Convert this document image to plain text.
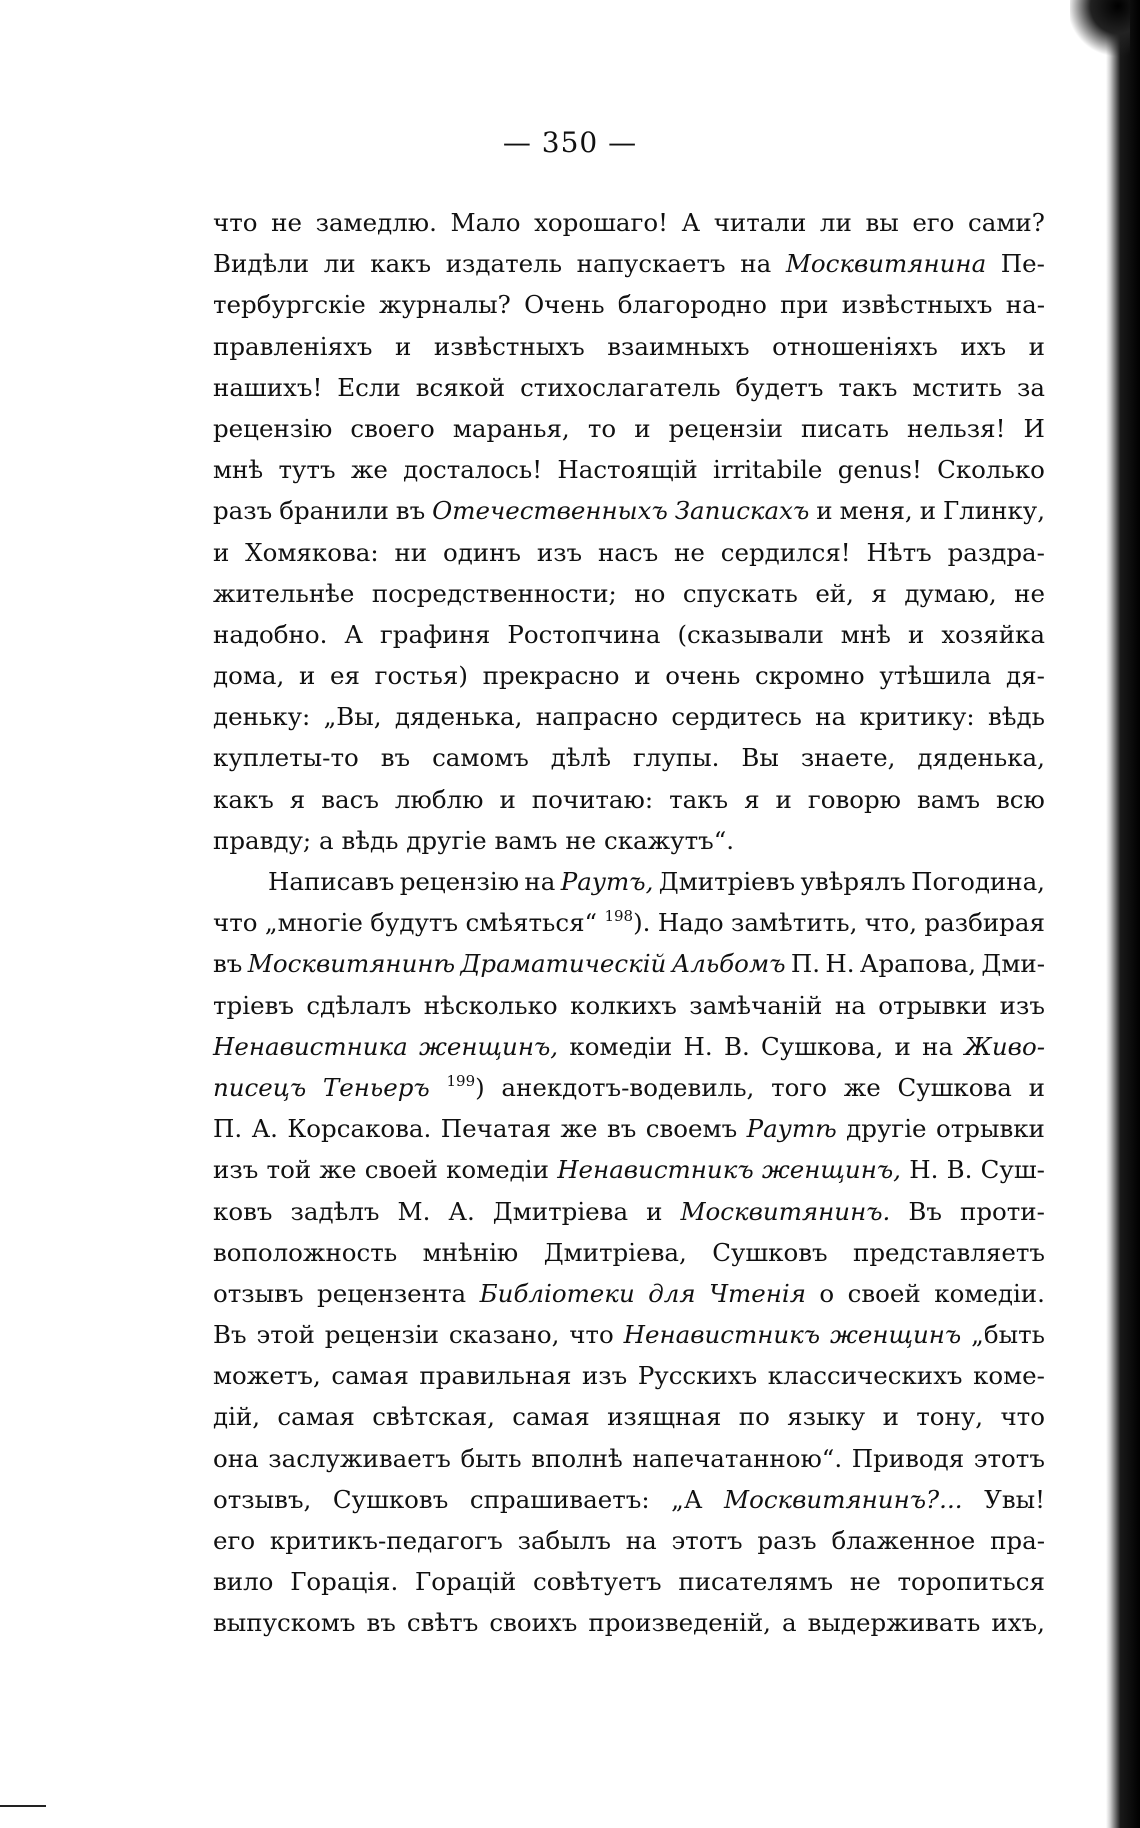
— 350 —
что не замедлю. Мало хорошаго! А читали ли вы его сами?
Видѣли ли какъ издатель напускаетъ на Москвитянина Пе-
тербургскіе журналы? Очень благородно при извѣстныхъ на-
правленіяхъ и извѣстныхъ взаимныхъ отношеніяхъ ихъ и
нашихъ! Если всякой стихослагатель будетъ такъ мстить за
рецензію своего маранья, то и рецензіи писать нельзя! И
мнѣ тутъ же досталось! Настоящій irritabile genus! Сколько
разъ бранили въ Отечественныхъ Запискахъ и меня, и Глинку,
и Хомякова: ни одинъ изъ насъ не сердился! Нѣтъ раздра-
жительнѣе посредственности; но спускать ей, я думаю, не
надобно. А графиня Ростопчина (сказывали мнѣ и хозяйка
дома, и ея гостья) прекрасно и очень скромно утѣшила дя-
деньку: „Вы, дяденька, напрасно сердитесь на критику: вѣдь
куплеты-то въ самомъ дѣлѣ глупы. Вы знаете, дяденька,
какъ я васъ люблю и почитаю: такъ я и говорю вамъ всю
правду; а вѣдь другіе вамъ не скажутъ“.
Написавъ рецензію на Раутъ, Дмитріевъ увѣрялъ Погодина,
что „многіе будутъ смѣяться“ $^{198}$). Надо замѣтить, что, разбирая
въ Москвитянинѣ Драматическій Альбомъ П. Н. Арапова, Дми-
тріевъ сдѣлалъ нѣсколько колкихъ замѣчаній на отрывки изъ
Ненавистника женщинъ, комедіи Н. В. Сушкова, и на Живо-
писецъ Теньеръ $^{199}$) анекдотъ-водевиль, того же Сушкова и
П. А. Корсакова. Печатая же въ своемъ Раутѣ другіе отрывки
изъ той же своей комедіи Ненавистникъ женщинъ, Н. В. Суш-
ковъ задѣлъ М. А. Дмитріева и Москвитянинъ. Въ проти-
воположность мнѣнію Дмитріева, Сушковъ представляетъ
отзывъ рецензента Библіотеки для Чтенія о своей комедіи.
Въ этой рецензіи сказано, что Ненавистникъ женщинъ „быть
можетъ, самая правильная изъ Русскихъ классическихъ коме-
дій, самая свѣтская, самая изящная по языку и тону, что
она заслуживаетъ быть вполнѣ напечатанною“. Приводя этотъ
отзывъ, Сушковъ спрашиваетъ: „А Москвитянинъ?... Увы!
его критикъ-педагогъ забылъ на этотъ разъ блаженное пра-
вило Горація. Горацій совѣтуетъ писателямъ не торопиться
выпускомъ въ свѣтъ своихъ произведеній, а выдерживать ихъ,
